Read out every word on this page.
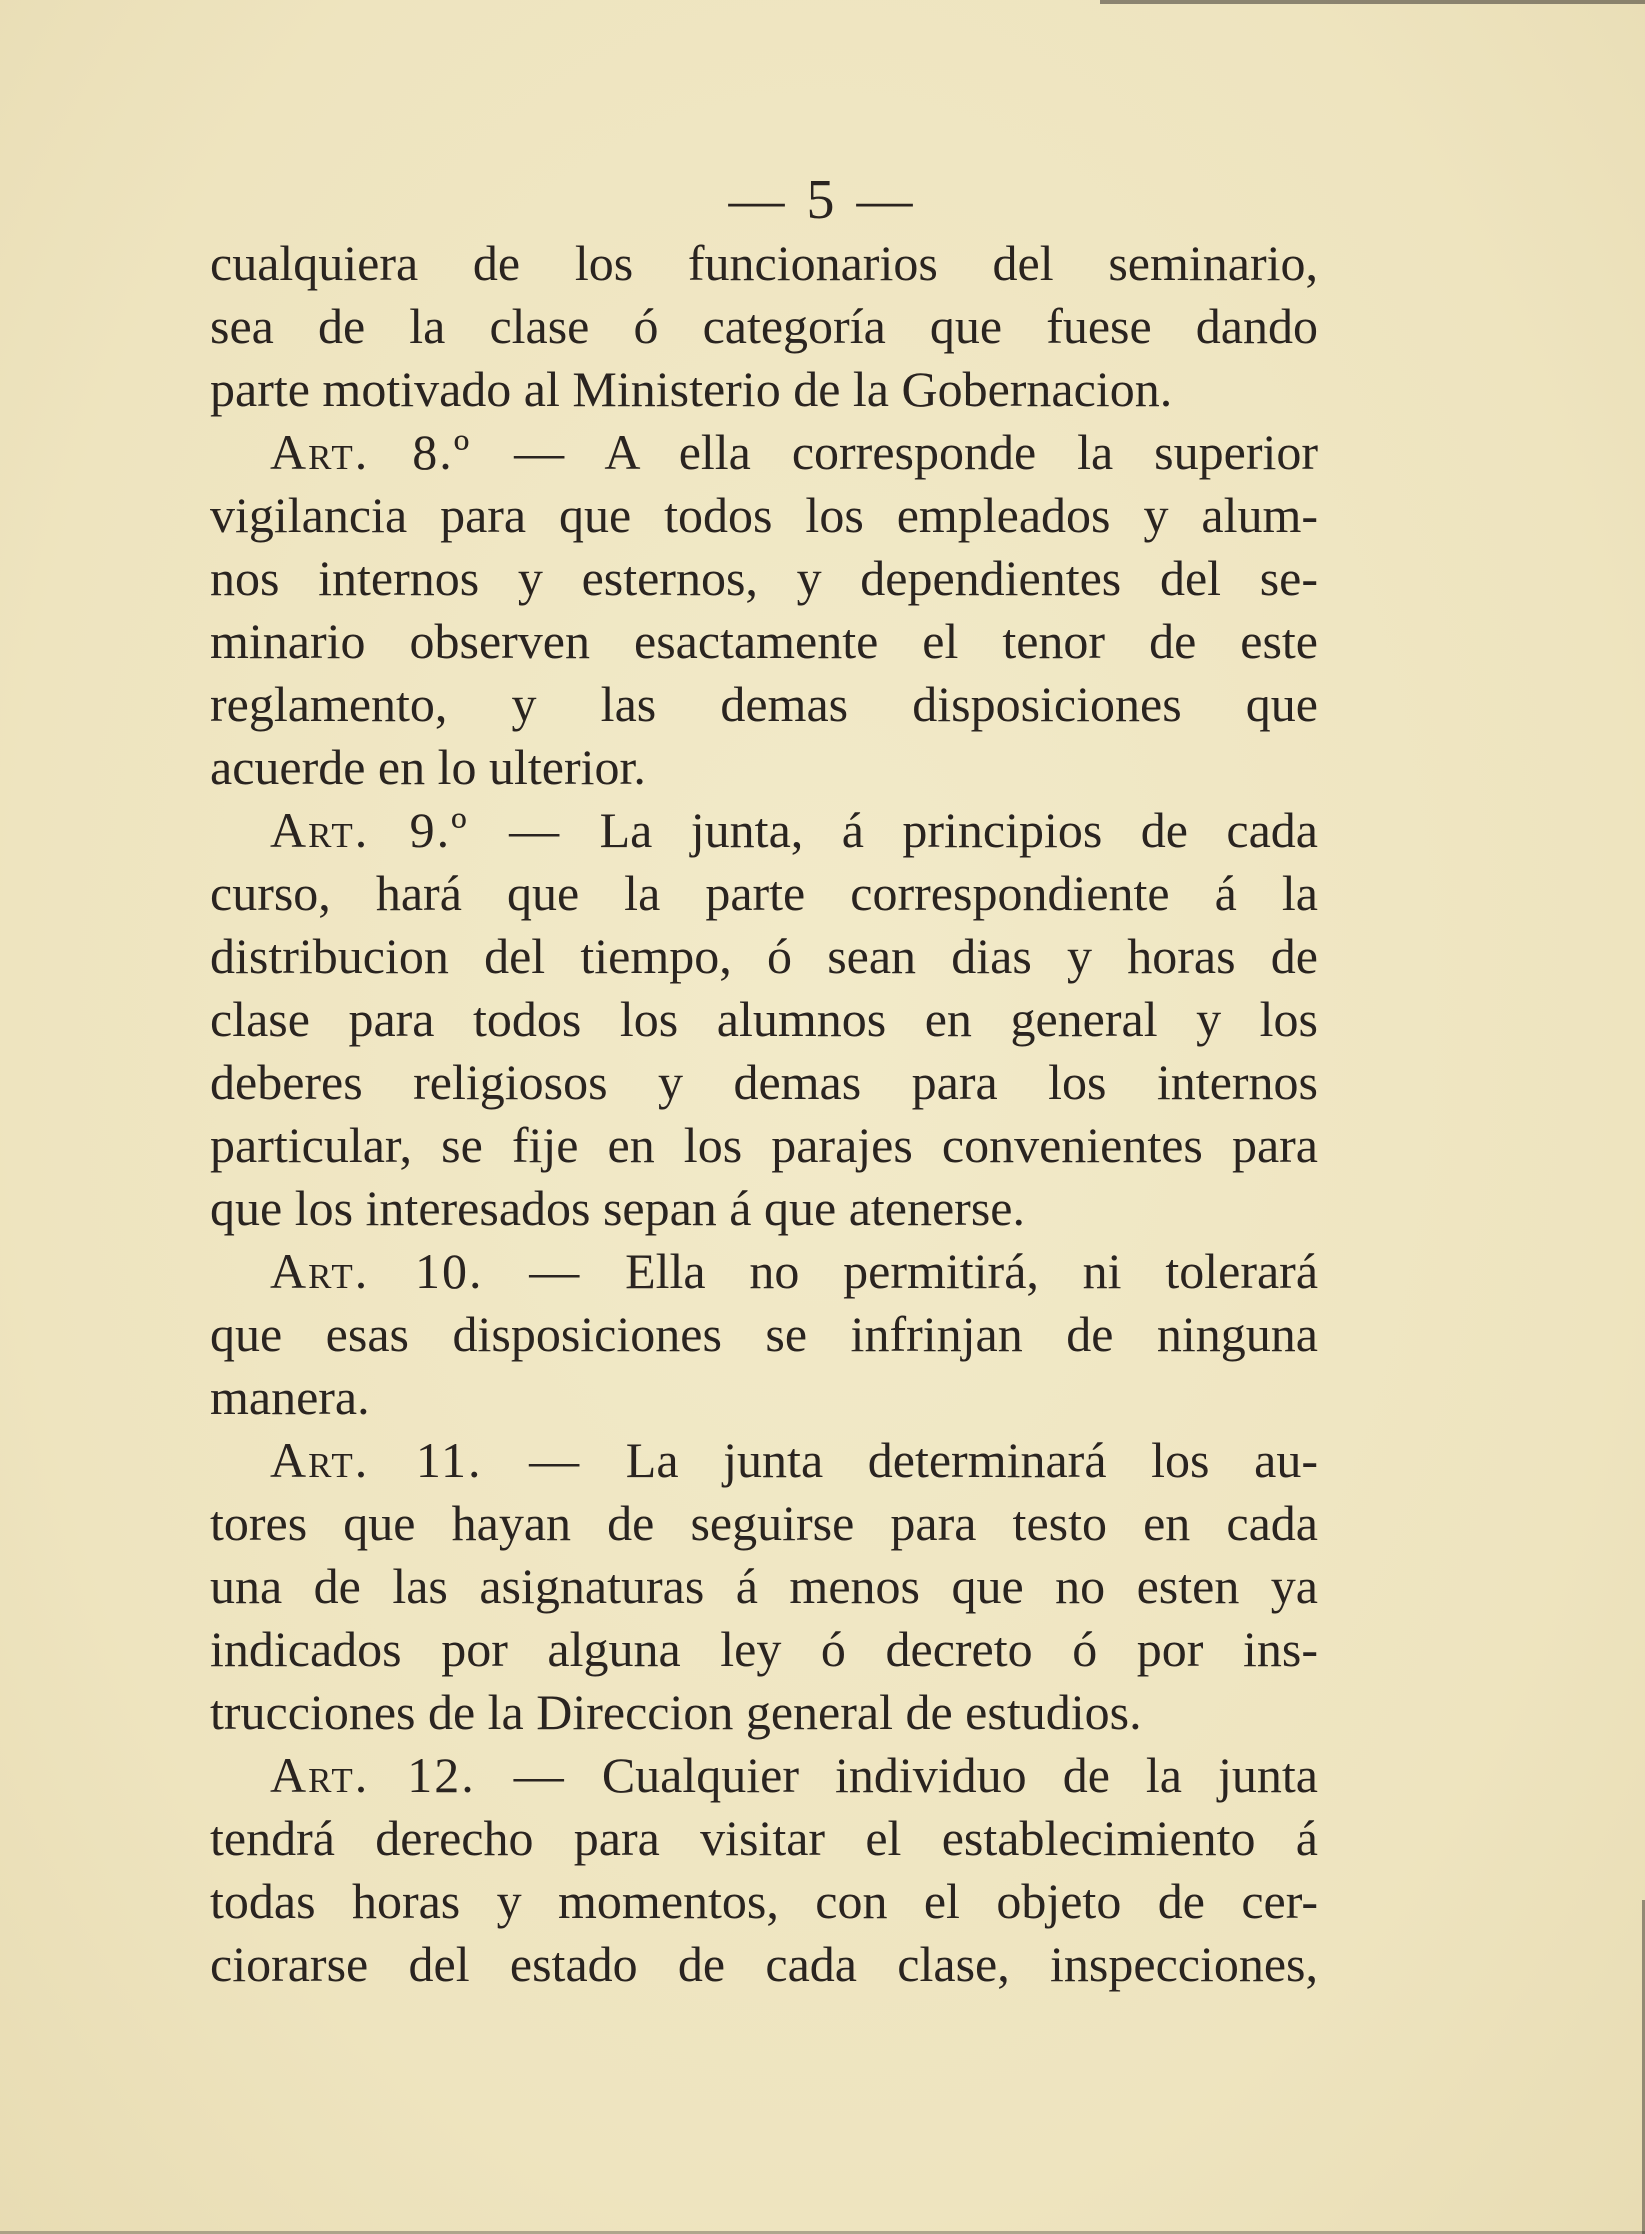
— 5 —
cualquiera de los funcionarios del seminario,
sea de la clase ó categoría que fuese dando
parte motivado al Ministerio de la Gobernacion.
Art. 8.º — A ella corresponde la superior
vigilancia para que todos los empleados y alum-
nos internos y esternos, y dependientes del se-
minario observen esactamente el tenor de este
reglamento, y las demas disposiciones que
acuerde en lo ulterior.
Art. 9.º — La junta, á principios de cada
curso, hará que la parte correspondiente á la
distribucion del tiempo, ó sean dias y horas de
clase para todos los alumnos en general y los
deberes religiosos y demas para los internos
particular, se fije en los parajes convenientes para
que los interesados sepan á que atenerse.
Art. 10. — Ella no permitirá, ni tolerará
que esas disposiciones se infrinjan de ninguna
manera.
Art. 11. — La junta determinará los au-
tores que hayan de seguirse para testo en cada
una de las asignaturas á menos que no esten ya
indicados por alguna ley ó decreto ó por ins-
trucciones de la Direccion general de estudios.
Art. 12. — Cualquier individuo de la junta
tendrá derecho para visitar el establecimiento á
todas horas y momentos, con el objeto de cer-
ciorarse del estado de cada clase, inspecciones,
